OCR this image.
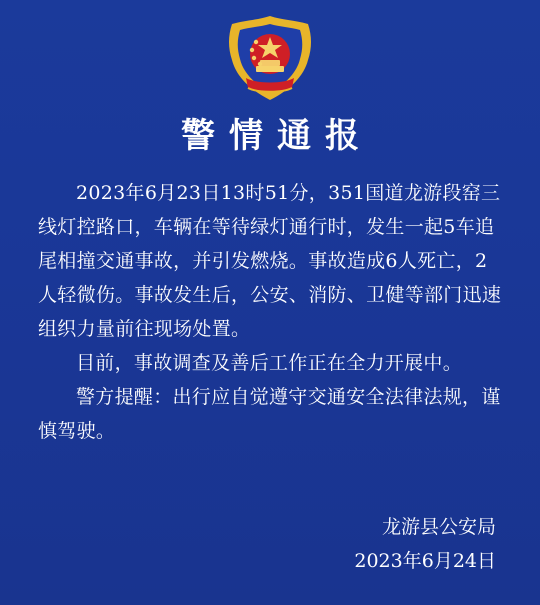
警情通报

2023年6月23日13时51分，351国道龙游段窑三线灯控路口，车辆在等待绿灯通行时，发生一起5车追尾相撞交通事故，并引发燃烧。事故造成6人死亡，2人轻微伤。事故发生后，公安、消防、卫健等部门迅速组织力量前往现场处置。

目前，事故调查及善后工作正在全力开展中。

警方提醒：出行应自觉遵守交通安全法律法规，谨慎驾驶。

龙游县公安局
2023年6月24日
